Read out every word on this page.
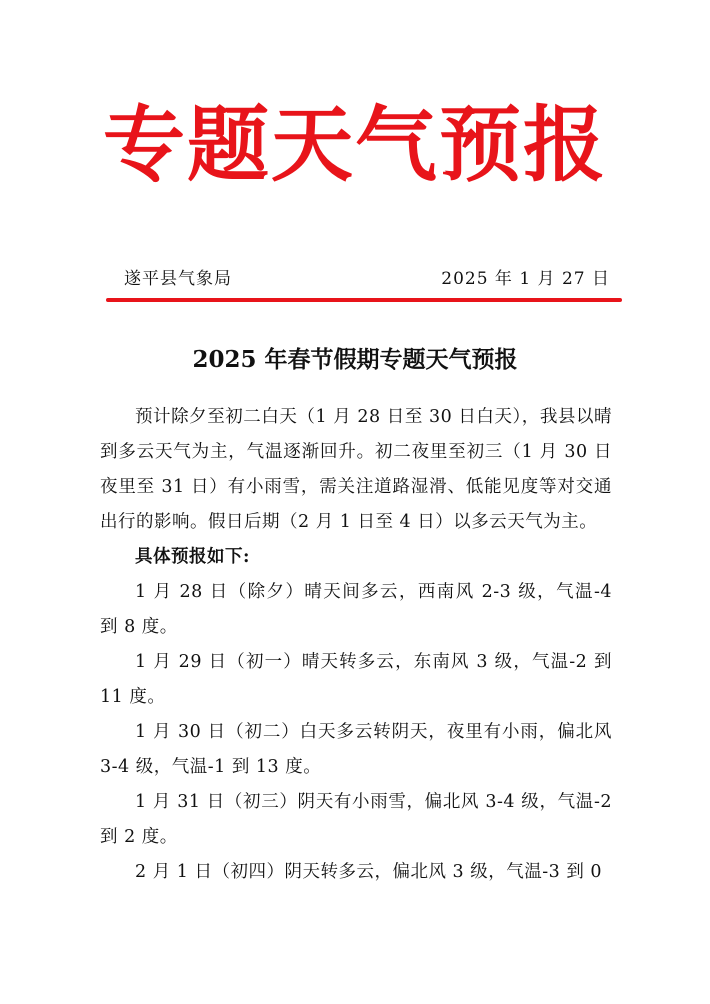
专题天气预报
遂平县气象局	2025 年 1 月 27 日
2025 年春节假期专题天气预报

预计除夕至初二白天（1 月 28 日至 30 日白天），我县以晴到多云天气为主，气温逐渐回升。初二夜里至初三（1 月 30 日夜里至 31 日）有小雨雪，需关注道路湿滑、低能见度等对交通出行的影响。假日后期（2 月 1 日至 4 日）以多云天气为主。

具体预报如下:

1 月 28 日（除夕）晴天间多云，西南风 2-3 级，气温-4 到 8 度。

1 月 29 日（初一）晴天转多云，东南风 3 级，气温-2 到 11 度。

1 月 30 日（初二）白天多云转阴天，夜里有小雨，偏北风 3-4 级，气温-1 到 13 度。

1 月 31 日（初三）阴天有小雨雪，偏北风 3-4 级，气温-2 到 2 度。

2 月 1 日（初四）阴天转多云，偏北风 3 级，气温-3 到 0
